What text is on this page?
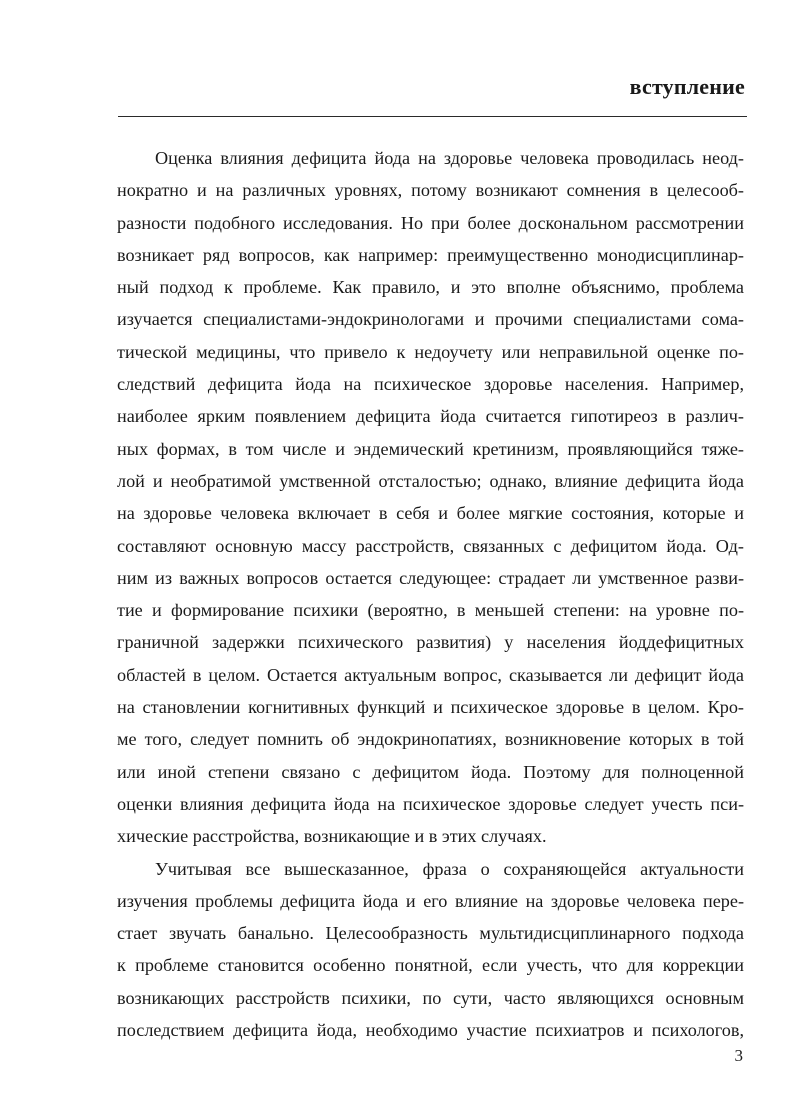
вступление
Оценка влияния дефицита йода на здоровье человека проводилась неод-
нократно и на различных уровнях, потому возникают сомнения в целесооб-
разности подобного исследования. Но при более доскональном рассмотрении
возникает ряд вопросов, как например: преимущественно монодисциплинар-
ный подход к проблеме. Как правило, и это вполне объяснимо, проблема
изучается специалистами-эндокринологами и прочими специалистами сома-
тической медицины, что привело к недоучету или неправильной оценке по-
следствий дефицита йода на психическое здоровье населения. Например,
наиболее ярким появлением дефицита йода считается гипотиреоз в различ-
ных формах, в том числе и эндемический кретинизм, проявляющийся тяже-
лой и необратимой умственной отсталостью; однако, влияние дефицита йода
на здоровье человека включает в себя и более мягкие состояния, которые и
составляют основную массу расстройств, связанных с дефицитом йода. Од-
ним из важных вопросов остается следующее: страдает ли умственное разви-
тие и формирование психики (вероятно, в меньшей степени: на уровне по-
граничной задержки психического развития) у населения йоддефицитных
областей в целом. Остается актуальным вопрос, сказывается ли дефицит йода
на становлении когнитивных функций и психическое здоровье в целом. Кро-
ме того, следует помнить об эндокринопатиях, возникновение которых в той
или иной степени связано с дефицитом йода. Поэтому для полноценной
оценки влияния дефицита йода на психическое здоровье следует учесть пси-
хические расстройства, возникающие и в этих случаях.
Учитывая все вышесказанное, фраза о сохраняющейся актуальности
изучения проблемы дефицита йода и его влияние на здоровье человека пере-
стает звучать банально. Целесообразность мультидисциплинарного подхода
к проблеме становится особенно понятной, если учесть, что для коррекции
возникающих расстройств психики, по сути, часто являющихся основным
последствием дефицита йода, необходимо участие психиатров и психологов,
3
